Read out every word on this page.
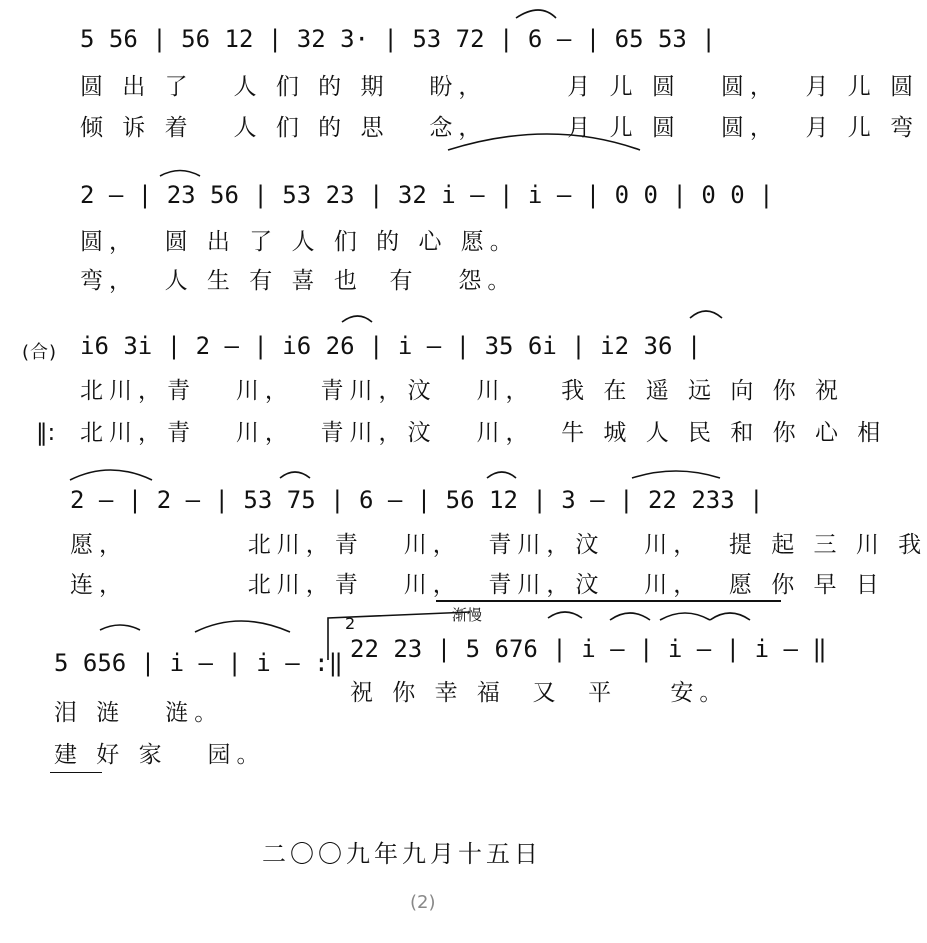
5 56 | 56 12 | 32 3· | 53 72 | 6 — | 65 53 |
圆 出 了   人 们 的 期   盼，      月 儿 圆   圆，  月 儿 圆
倾 诉 着   人 们 的 思   念，      月 儿 圆   圆，  月 儿 弯
2 — | 23 56 | 53 23 | 32 i — | i — | 0 0 | 0 0 |
圆，  圆 出 了 人 们 的 心 愿。
弯，  人 生 有 喜 也  有   怨。
(合) i6 3i | 2 — | i6 26 | i — | 35 6i | i2 36 |
北川，青   川，  青川，汶   川，  我 在 遥 远 向 你 祝
‖: 北川，青   川，  青川，汶   川，  牛 城 人 民 和 你 心 相
2 — | 2 — | 53 75 | 6 — | 56 12 | 3 — | 22 233 |
愿，         北川，青   川，  青川，汶   川，  提 起 三 川 我
连，         北川，青   川，  青川，汶   川，  愿 你 早 日
5 656 | i — | i — :‖
2	渐慢
22 23 | 5 676 | i — | i — | i — ‖
祝 你 幸 福  又  平    安。
泪 涟   涟。
建 好 家   园。
二〇〇九年九月十五日
(2)
